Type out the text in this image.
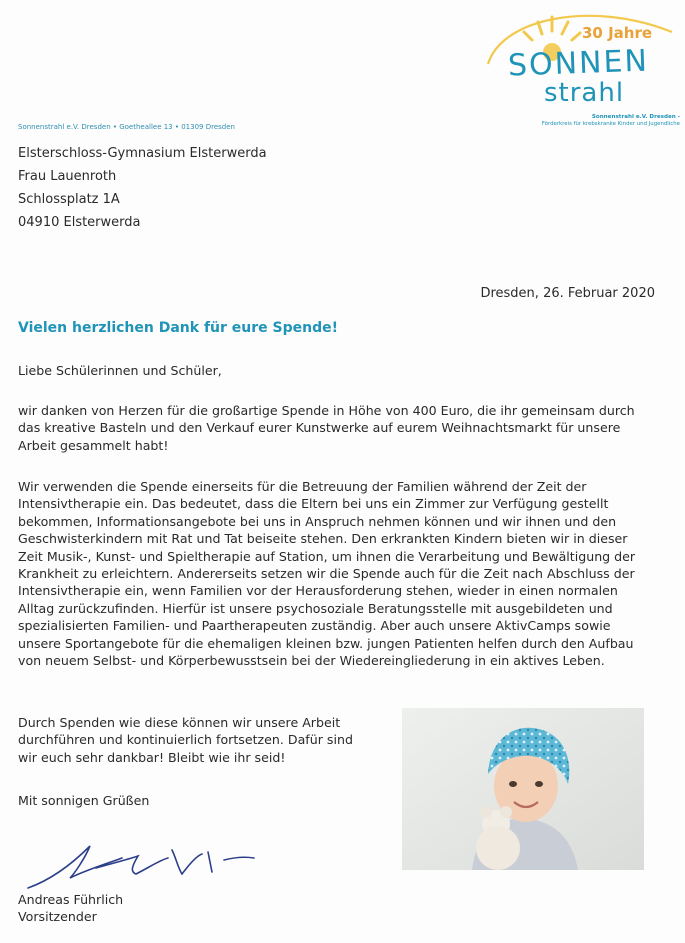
30 Jahre
SONNEN
strahl
Sonnenstrahl e.V. Dresden -
Förderkreis für krebskranke Kinder und Jugendliche
Sonnenstrahl e.V. Dresden • Goetheallee 13 • 01309 Dresden
Elsterschloss-Gymnasium Elsterwerda
Frau Lauenroth
Schlossplatz 1A
04910 Elsterwerda
Dresden, 26. Februar 2020
Vielen herzlichen Dank für eure Spende!
Liebe Schülerinnen und Schüler,
wir danken von Herzen für die großartige Spende in Höhe von 400 Euro, die ihr gemeinsam durch
das kreative Basteln und den Verkauf eurer Kunstwerke auf eurem Weihnachtsmarkt für unsere
Arbeit gesammelt habt!
Wir verwenden die Spende einerseits für die Betreuung der Familien während der Zeit der
Intensivtherapie ein. Das bedeutet, dass die Eltern bei uns ein Zimmer zur Verfügung gestellt
bekommen, Informationsangebote bei uns in Anspruch nehmen können und wir ihnen und den
Geschwisterkindern mit Rat und Tat beiseite stehen. Den erkrankten Kindern bieten wir in dieser
Zeit Musik-, Kunst- und Spieltherapie auf Station, um ihnen die Verarbeitung und Bewältigung der
Krankheit zu erleichtern. Andererseits setzen wir die Spende auch für die Zeit nach Abschluss der
Intensivtherapie ein, wenn Familien vor der Herausforderung stehen, wieder in einen normalen
Alltag zurückzufinden. Hierfür ist unsere psychosoziale Beratungsstelle mit ausgebildeten und
spezialisierten Familien- und Paartherapeuten zuständig. Aber auch unsere AktivCamps sowie
unsere Sportangebote für die ehemaligen kleinen bzw. jungen Patienten helfen durch den Aufbau
von neuem Selbst- und Körperbewusstsein bei der Wiedereingliederung in ein aktives Leben.
Durch Spenden wie diese können wir unsere Arbeit
durchführen und kontinuierlich fortsetzen. Dafür sind
wir euch sehr dankbar! Bleibt wie ihr seid!
Mit sonnigen Grüßen
Andreas Führlich
Vorsitzender
